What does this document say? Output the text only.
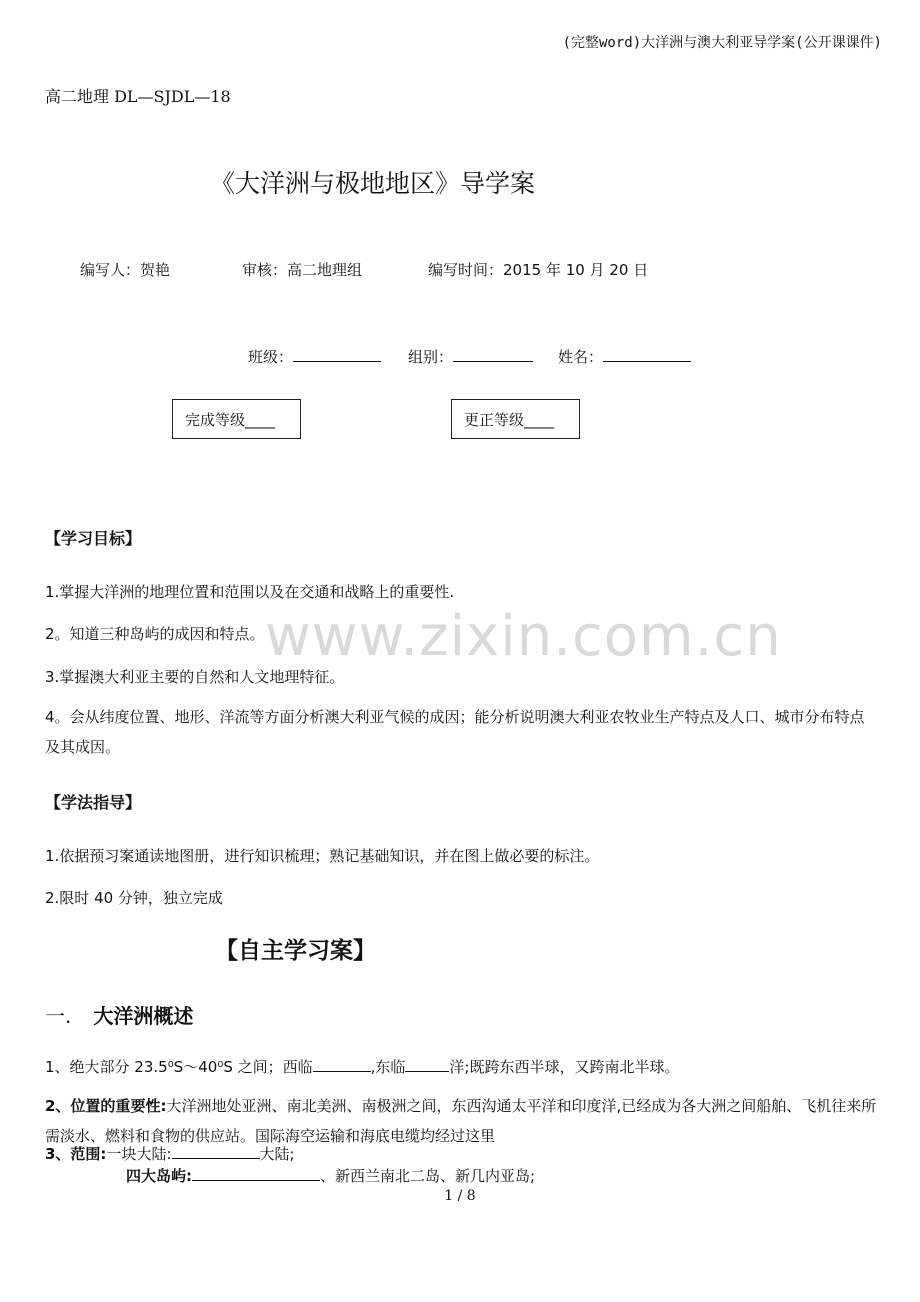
(完整word)大洋洲与澳大利亚导学案(公开课课件)
高二地理 DL—SJDL—18
《大洋洲与极地地区》导学案
编写人：贺艳	审核：高二地理组	编写时间：2015 年 10 月 20 日
班级：	组别：	姓名：
完成等级____	更正等级____
【学习目标】
1.掌握大洋洲的地理位置和范围以及在交通和战略上的重要性.
2。知道三种岛屿的成因和特点。
3.掌握澳大利亚主要的自然和人文地理特征。
4。会从纬度位置、地形、洋流等方面分析澳大利亚气候的成因；能分析说明澳大利亚农牧业生产特点及人口、城市分布特点及其成因。
www.zixin.com.cn
【学法指导】
1.依据预习案通读地图册，进行知识梳理；熟记基础知识，并在图上做必要的标注。
2.限时 40 分钟，独立完成
【自主学习案】
一. 大洋洲概述
1、绝大部分 23.5⁰S～40⁰S 之间；西临	,东临	洋;既跨东西半球，又跨南北半球。
2、位置的重要性:大洋洲地处亚洲、南北美洲、南极洲之间，东西沟通太平洋和印度洋,已经成为各大洲之间船舶、飞机往来所需淡水、燃料和食物的供应站。国际海空运输和海底电缆均经过这里
3、范围:一块大陆:	大陆;
四大岛屿:	、新西兰南北二岛、新几内亚岛;
1 / 8
